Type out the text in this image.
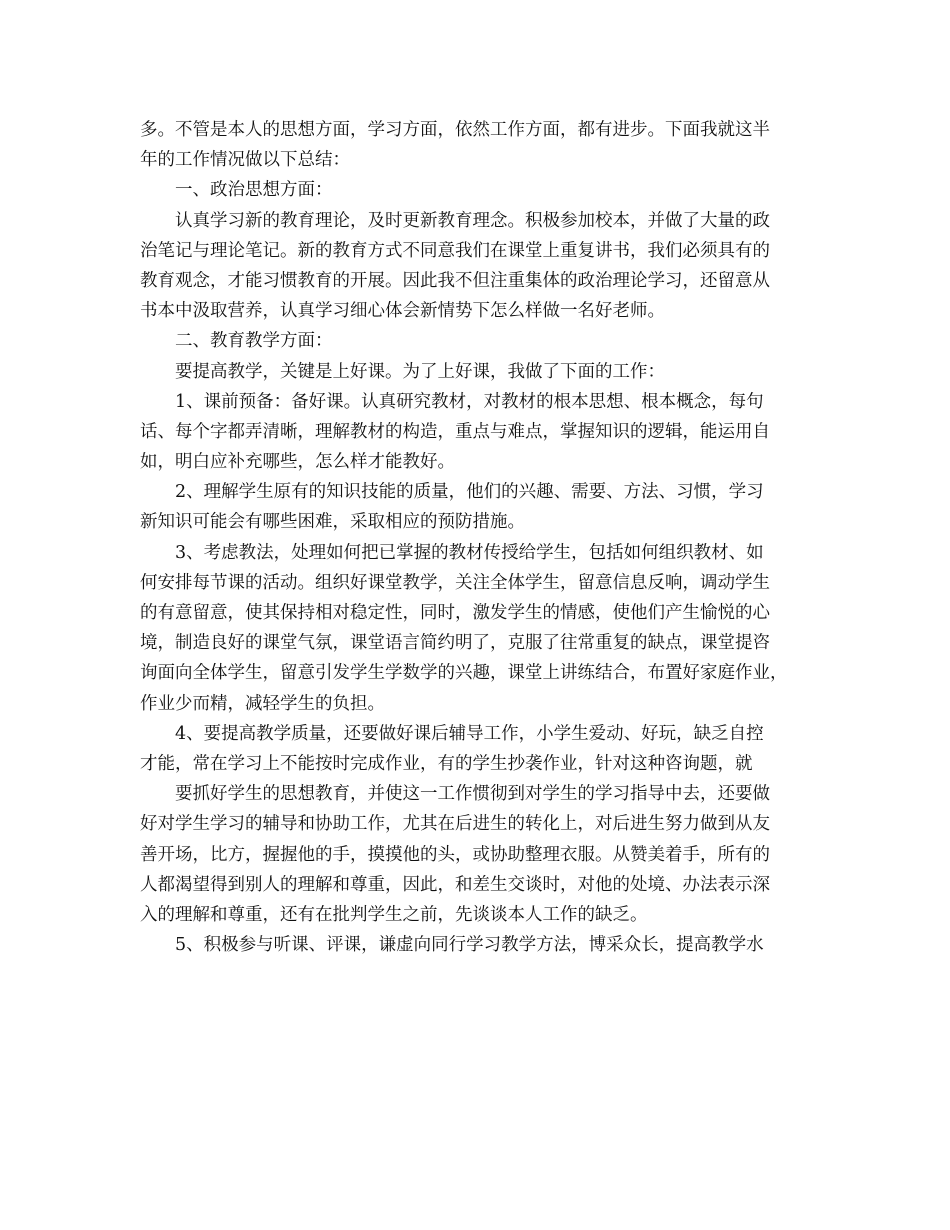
多。不管是本人的思想方面，学习方面，依然工作方面，都有进步。下面我就这半
年的工作情况做以下总结：
一、政治思想方面：
认真学习新的教育理论，及时更新教育理念。积极参加校本，并做了大量的政
治笔记与理论笔记。新的教育方式不同意我们在课堂上重复讲书，我们必须具有的
教育观念，才能习惯教育的开展。因此我不但注重集体的政治理论学习，还留意从
书本中汲取营养，认真学习细心体会新情势下怎么样做一名好老师。
二、教育教学方面：
要提高教学，关键是上好课。为了上好课，我做了下面的工作：
1、课前预备：备好课。认真研究教材，对教材的根本思想、根本概念，每句
话、每个字都弄清晰，理解教材的构造，重点与难点，掌握知识的逻辑，能运用自
如，明白应补充哪些，怎么样才能教好。
2、理解学生原有的知识技能的质量，他们的兴趣、需要、方法、习惯，学习
新知识可能会有哪些困难，采取相应的预防措施。
3、考虑教法，处理如何把已掌握的教材传授给学生，包括如何组织教材、如
何安排每节课的活动。组织好课堂教学，关注全体学生，留意信息反响，调动学生
的有意留意，使其保持相对稳定性，同时，激发学生的情感，使他们产生愉悦的心
境，制造良好的课堂气氛，课堂语言简约明了，克服了往常重复的缺点，课堂提咨
询面向全体学生，留意引发学生学数学的兴趣，课堂上讲练结合，布置好家庭作业，
作业少而精，减轻学生的负担。
4、要提高教学质量，还要做好课后辅导工作，小学生爱动、好玩，缺乏自控
才能，常在学习上不能按时完成作业，有的学生抄袭作业，针对这种咨询题，就
要抓好学生的思想教育，并使这一工作惯彻到对学生的学习指导中去，还要做
好对学生学习的辅导和协助工作，尤其在后进生的转化上，对后进生努力做到从友
善开场，比方，握握他的手，摸摸他的头，或协助整理衣服。从赞美着手，所有的
人都渴望得到别人的理解和尊重，因此，和差生交谈时，对他的处境、办法表示深
入的理解和尊重，还有在批判学生之前，先谈谈本人工作的缺乏。
5、积极参与听课、评课，谦虚向同行学习教学方法，博采众长，提高教学水
